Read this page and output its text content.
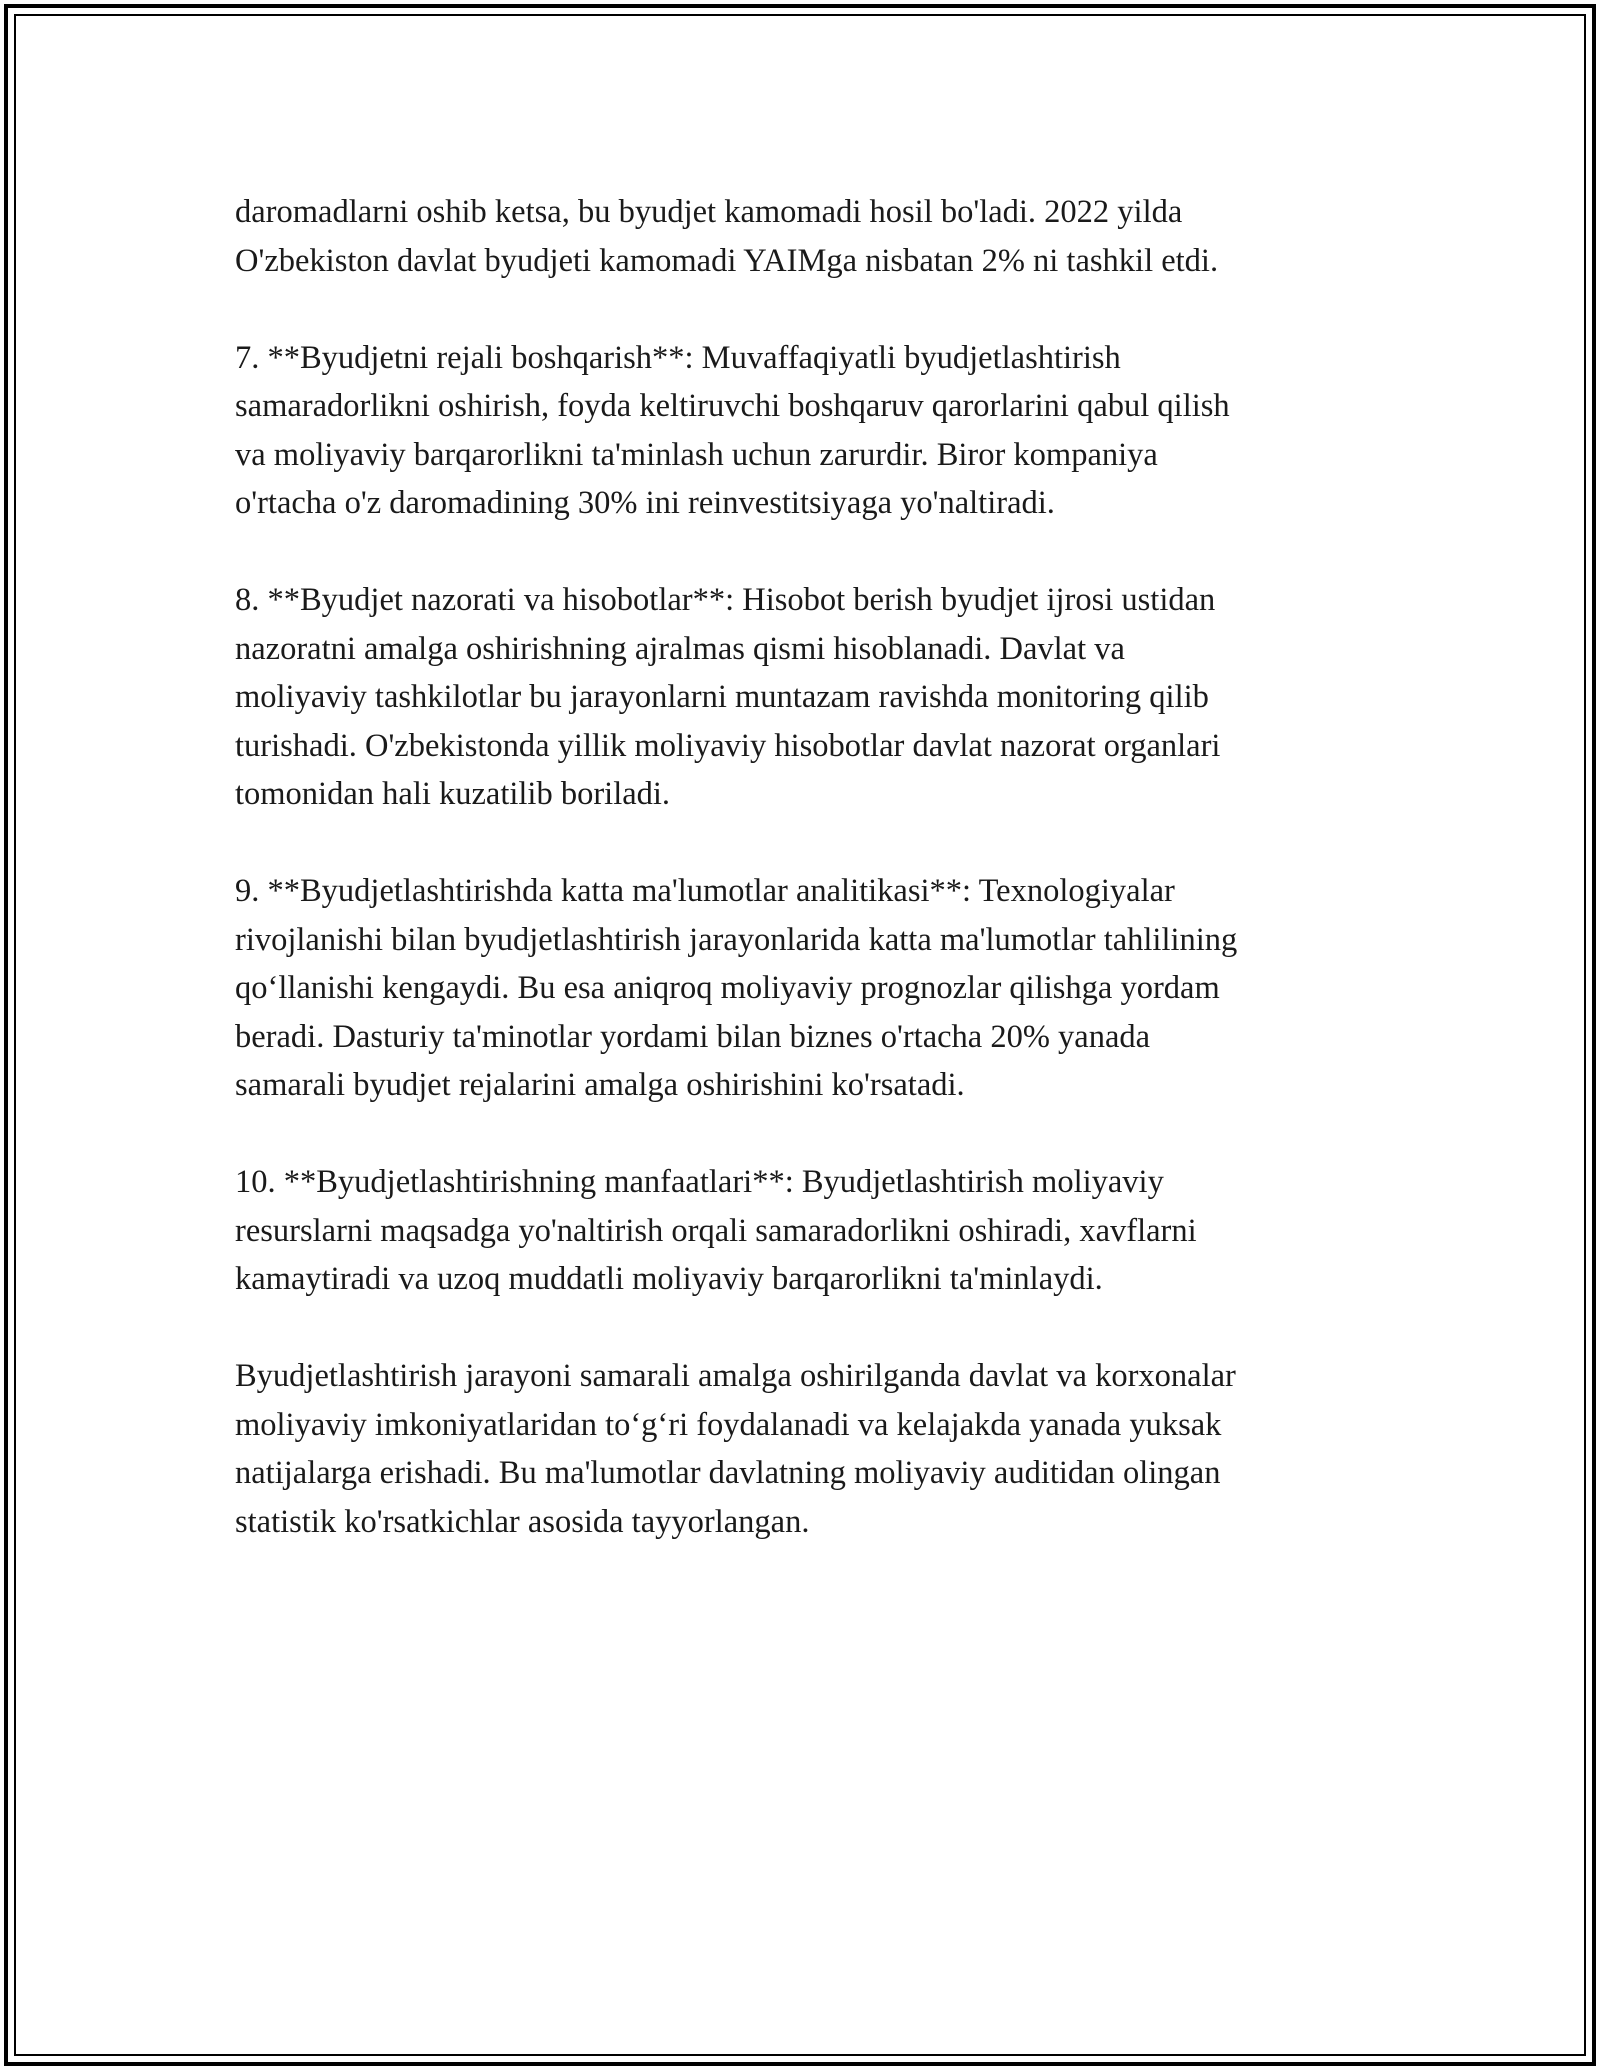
daromadlarni oshib ketsa, bu byudjet kamomadi hosil bo'ladi. 2022 yilda
O'zbekiston davlat byudjeti kamomadi YAIMga nisbatan 2% ni tashkil etdi.

7. **Byudjetni rejali boshqarish**: Muvaffaqiyatli byudjetlashtirish
samaradorlikni oshirish, foyda keltiruvchi boshqaruv qarorlarini qabul qilish
va moliyaviy barqarorlikni ta'minlash uchun zarurdir. Biror kompaniya
o'rtacha o'z daromadining 30% ini reinvestitsiyaga yo'naltiradi.

8. **Byudjet nazorati va hisobotlar**: Hisobot berish byudjet ijrosi ustidan
nazoratni amalga oshirishning ajralmas qismi hisoblanadi. Davlat va
moliyaviy tashkilotlar bu jarayonlarni muntazam ravishda monitoring qilib
turishadi. O'zbekistonda yillik moliyaviy hisobotlar davlat nazorat organlari
tomonidan hali kuzatilib boriladi.

9. **Byudjetlashtirishda katta ma'lumotlar analitikasi**: Texnologiyalar
rivojlanishi bilan byudjetlashtirish jarayonlarida katta ma'lumotlar tahlilining
qo‘llanishi kengaydi. Bu esa aniqroq moliyaviy prognozlar qilishga yordam
beradi. Dasturiy ta'minotlar yordami bilan biznes o'rtacha 20% yanada
samarali byudjet rejalarini amalga oshirishini ko'rsatadi.

10. **Byudjetlashtirishning manfaatlari**: Byudjetlashtirish moliyaviy
resurslarni maqsadga yo'naltirish orqali samaradorlikni oshiradi, xavflarni
kamaytiradi va uzoq muddatli moliyaviy barqarorlikni ta'minlaydi.

Byudjetlashtirish jarayoni samarali amalga oshirilganda davlat va korxonalar
moliyaviy imkoniyatlaridan to‘g‘ri foydalanadi va kelajakda yanada yuksak
natijalarga erishadi. Bu ma'lumotlar davlatning moliyaviy auditidan olingan
statistik ko'rsatkichlar asosida tayyorlangan.
